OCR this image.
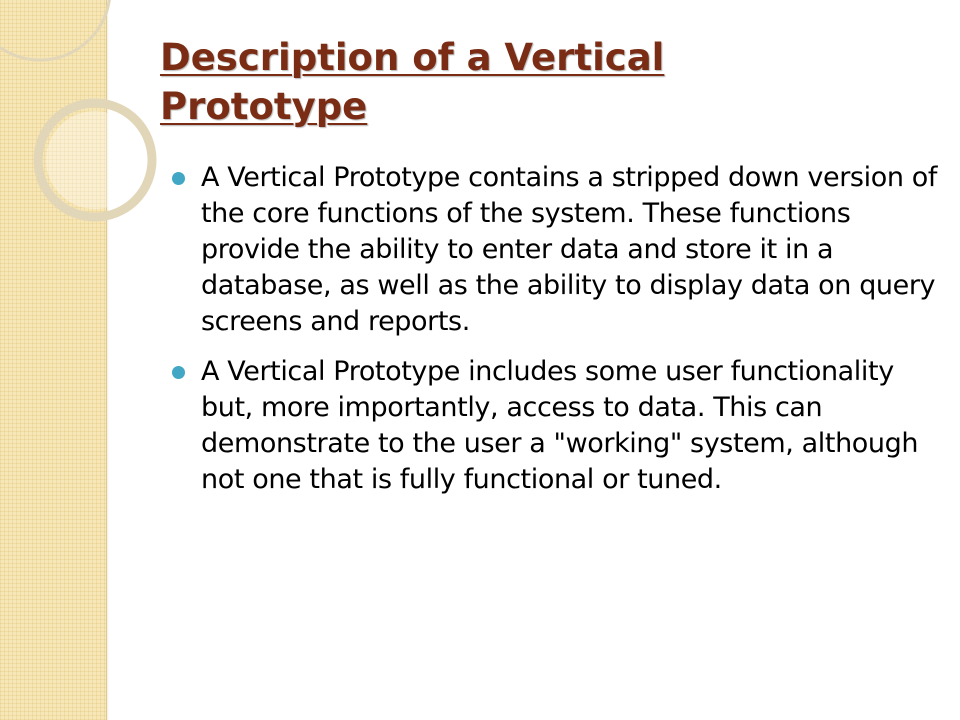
Description of a Vertical
Prototype
A Vertical Prototype contains a stripped down version of the core functions of the system. These functions provide the ability to enter data and store it in a database, as well as the ability to display data on query screens and reports.
A Vertical Prototype includes some user functionality but, more importantly, access to data. This can demonstrate to the user a "working" system, although not one that is fully functional or tuned.
